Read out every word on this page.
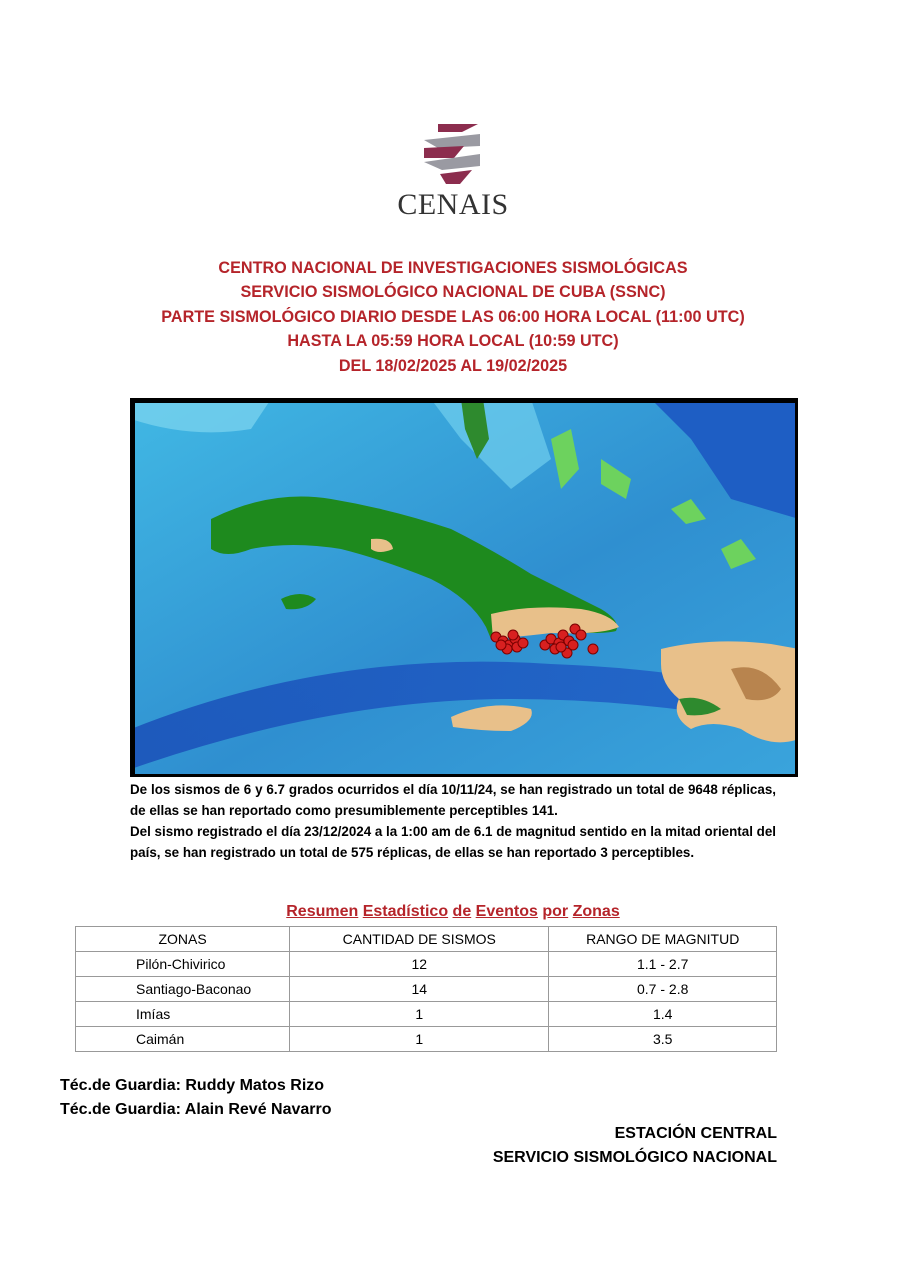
CENAIS
CENTRO NACIONAL DE INVESTIGACIONES SISMOLÓGICAS
SERVICIO SISMOLÓGICO NACIONAL DE CUBA (SSNC)
PARTE SISMOLÓGICO DIARIO DESDE LAS 06:00 HORA LOCAL (11:00 UTC)
HASTA LA 05:59 HORA LOCAL (10:59 UTC)
DEL 18/02/2025 AL 19/02/2025
De los sismos de 6 y 6.7 grados ocurridos el día 10/11/24, se han registrado un total de 9648 réplicas, de ellas se han reportado como presumiblemente perceptibles 141.
Del sismo registrado el día 23/12/2024 a la 1:00 am de 6.1 de magnitud sentido en la mitad oriental del país, se han registrado un total de 575 réplicas, de ellas se han reportado 3 perceptibles.
Resumen Estadístico de Eventos por Zonas
ZONAS	CANTIDAD DE SISMOS	RANGO DE MAGNITUD
Pilón-Chivirico	12	1.1 - 2.7
Santiago-Baconao	14	0.7 - 2.8
Imías	1	1.4
Caimán	1	3.5
Téc.de Guardia: Ruddy Matos Rizo
Téc.de Guardia: Alain Revé Navarro
ESTACIÓN CENTRAL
SERVICIO SISMOLÓGICO NACIONAL
